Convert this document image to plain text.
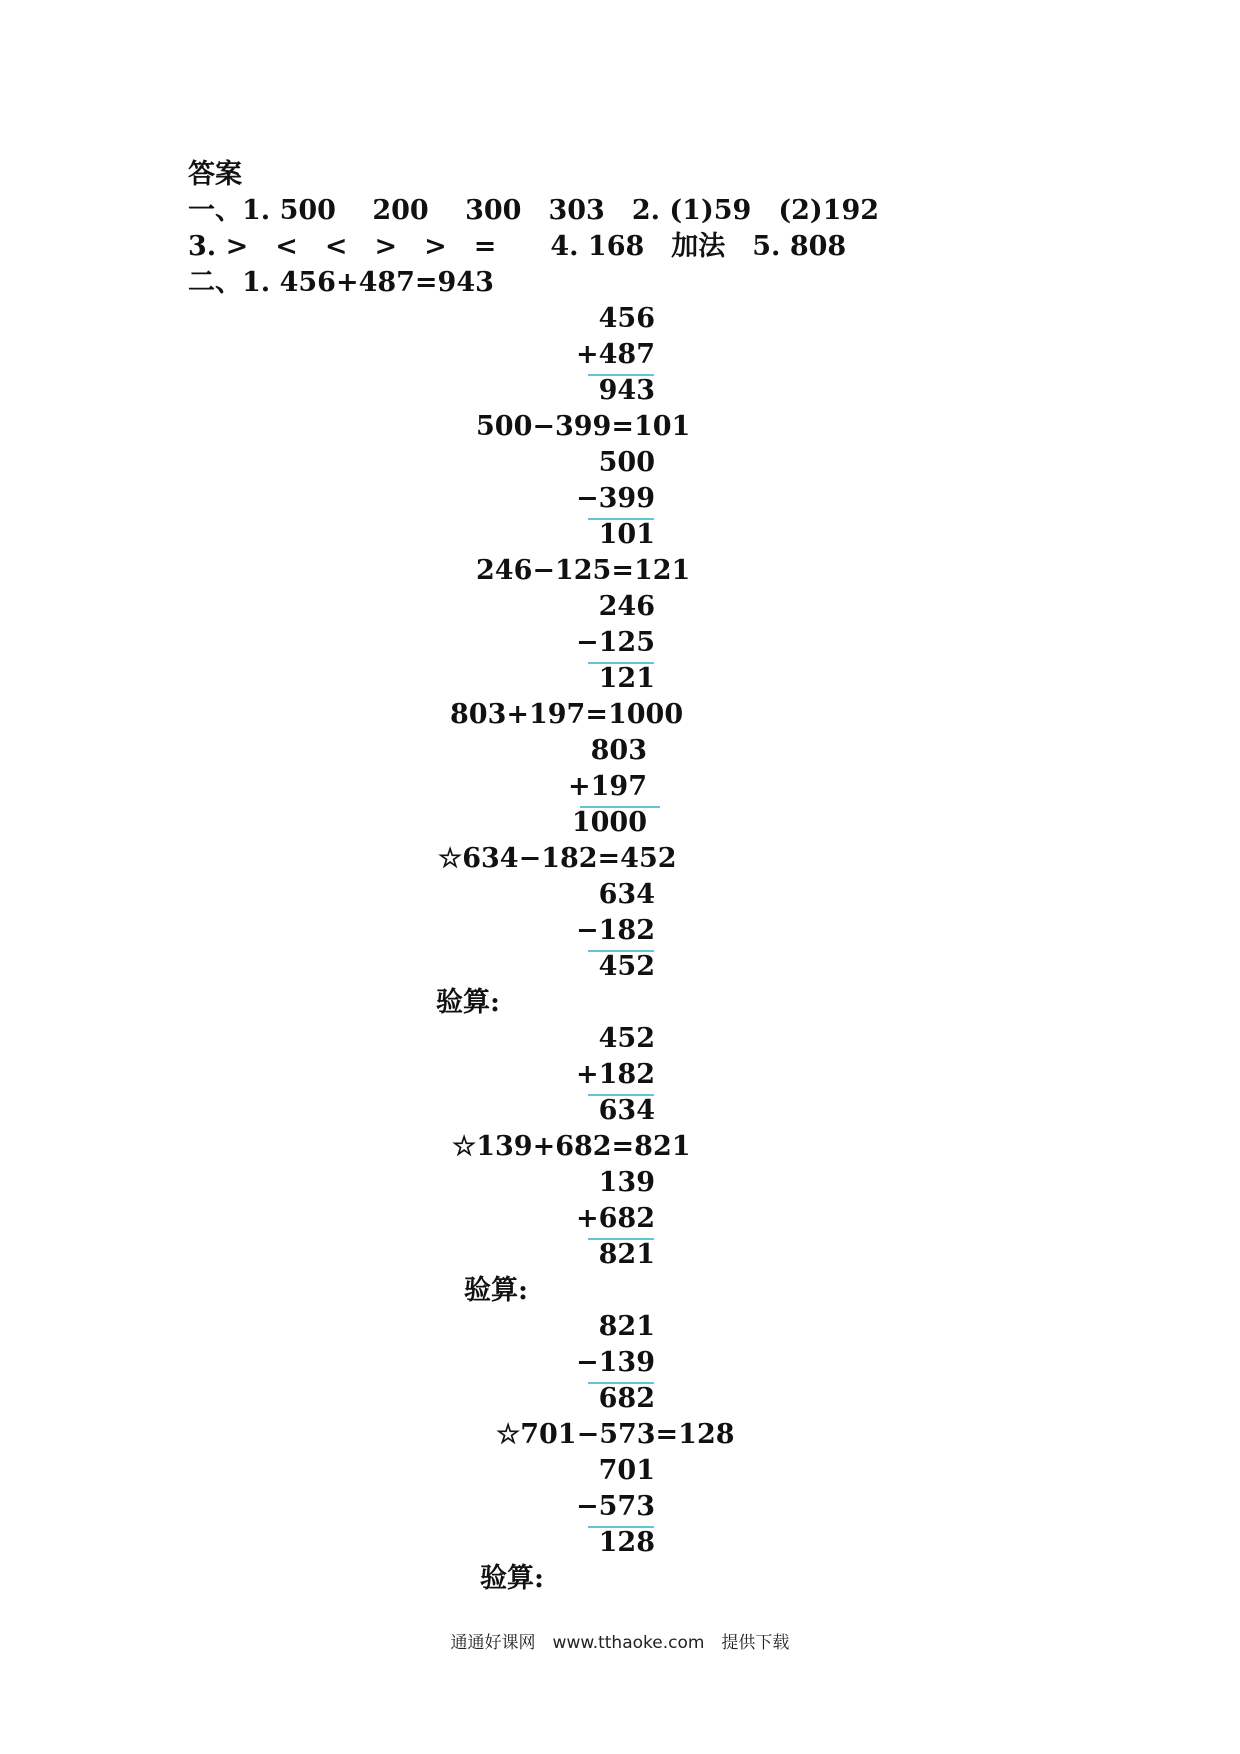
答案
一、1. 500　 200　 300　303　2. (1)59　(2)192
3. >　<　<　>　>　=　　4. 168　加法　5. 808
二、1. 456+487=943
456
+487
943
500−399=101
500
−399
101
246−125=121
246
−125
121
803+197=1000
803
+197
1000
☆634−182=452
634
−182
452
验算:
452
+182
634
☆139+682=821
139
+682
821
验算:
821
−139
682
☆701−573=128
701
−573
128
验算:
通通好课网　www.tthaoke.com　提供下载
